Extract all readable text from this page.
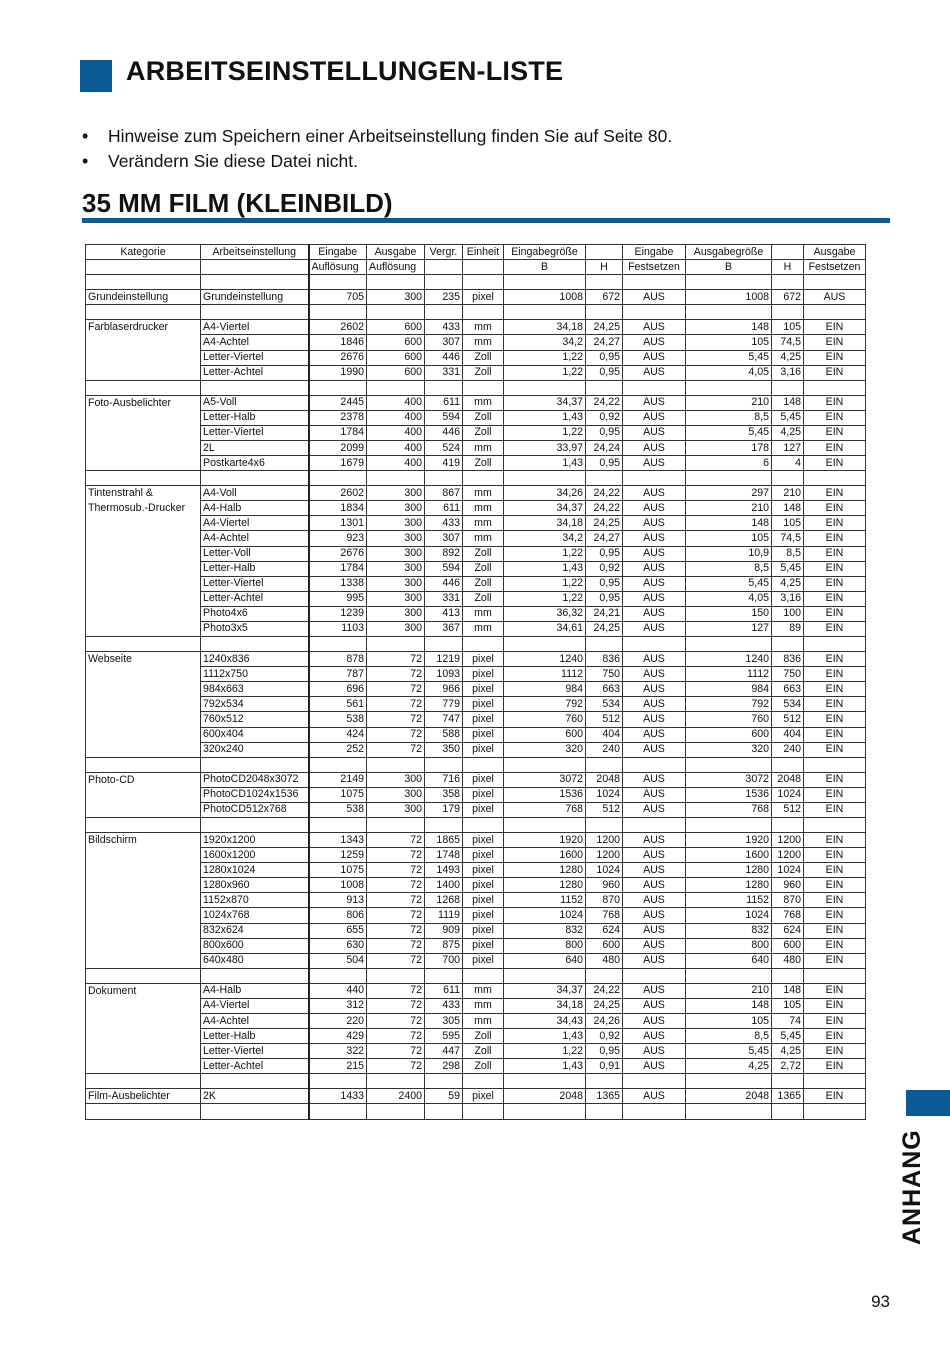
ARBEITSEINSTELLUNGEN-LISTE
• Hinweise zum Speichern einer Arbeitseinstellung finden Sie auf Seite 80.
• Verändern Sie diese Datei nicht.
35 MM FILM (KLEINBILD)
Kategorie	Arbeitseinstellung	Eingabe	Ausgabe	Vergr.	Einheit	Eingabegröße		Eingabe	Ausgabegröße		Ausgabe
		Auflösung	Auflösung			B	H	Festsetzen	B	H	Festsetzen

Grundeinstellung	Grundeinstellung	705	300	235	pixel	1008	672	AUS	1008	672	AUS

Farblaserdrucker	A4-Viertel	2602	600	433	mm	34,18	24,25	AUS	148	105	EIN
	A4-Achtel	1846	600	307	mm	34,2	24,27	AUS	105	74,5	EIN
	Letter-Viertel	2676	600	446	Zoll	1,22	0,95	AUS	5,45	4,25	EIN
	Letter-Achtel	1990	600	331	Zoll	1,22	0,95	AUS	4,05	3,16	EIN

Foto-Ausbelichter	A5-Voll	2445	400	611	mm	34,37	24,22	AUS	210	148	EIN
	Letter-Halb	2378	400	594	Zoll	1,43	0,92	AUS	8,5	5,45	EIN
	Letter-Viertel	1784	400	446	Zoll	1,22	0,95	AUS	5,45	4,25	EIN
	2L	2099	400	524	mm	33,97	24,24	AUS	178	127	EIN
	Postkarte4x6	1679	400	419	Zoll	1,43	0,95	AUS	6	4	EIN

Tintenstrahl &	A4-Voll	2602	300	867	mm	34,26	24,22	AUS	297	210	EIN
Thermosub.-Drucker	A4-Halb	1834	300	611	mm	34,37	24,22	AUS	210	148	EIN
	A4-Viertel	1301	300	433	mm	34,18	24,25	AUS	148	105	EIN
	A4-Achtel	923	300	307	mm	34,2	24,27	AUS	105	74,5	EIN
	Letter-Voll	2676	300	892	Zoll	1,22	0,95	AUS	10,9	8,5	EIN
	Letter-Halb	1784	300	594	Zoll	1,43	0,92	AUS	8,5	5,45	EIN
	Letter-Viertel	1338	300	446	Zoll	1,22	0,95	AUS	5,45	4,25	EIN
	Letter-Achtel	995	300	331	Zoll	1,22	0,95	AUS	4,05	3,16	EIN
	Photo4x6	1239	300	413	mm	36,32	24,21	AUS	150	100	EIN
	Photo3x5	1103	300	367	mm	34,61	24,25	AUS	127	89	EIN

Webseite	1240x836	878	72	1219	pixel	1240	836	AUS	1240	836	EIN
	1112x750	787	72	1093	pixel	1112	750	AUS	1112	750	EIN
	984x663	696	72	966	pixel	984	663	AUS	984	663	EIN
	792x534	561	72	779	pixel	792	534	AUS	792	534	EIN
	760x512	538	72	747	pixel	760	512	AUS	760	512	EIN
	600x404	424	72	588	pixel	600	404	AUS	600	404	EIN
	320x240	252	72	350	pixel	320	240	AUS	320	240	EIN

Photo-CD	PhotoCD2048x3072	2149	300	716	pixel	3072	2048	AUS	3072	2048	EIN
	PhotoCD1024x1536	1075	300	358	pixel	1536	1024	AUS	1536	1024	EIN
	PhotoCD512x768	538	300	179	pixel	768	512	AUS	768	512	EIN

Bildschirm	1920x1200	1343	72	1865	pixel	1920	1200	AUS	1920	1200	EIN
	1600x1200	1259	72	1748	pixel	1600	1200	AUS	1600	1200	EIN
	1280x1024	1075	72	1493	pixel	1280	1024	AUS	1280	1024	EIN
	1280x960	1008	72	1400	pixel	1280	960	AUS	1280	960	EIN
	1152x870	913	72	1268	pixel	1152	870	AUS	1152	870	EIN
	1024x768	806	72	1119	pixel	1024	768	AUS	1024	768	EIN
	832x624	655	72	909	pixel	832	624	AUS	832	624	EIN
	800x600	630	72	875	pixel	800	600	AUS	800	600	EIN
	640x480	504	72	700	pixel	640	480	AUS	640	480	EIN

Dokument	A4-Halb	440	72	611	mm	34,37	24,22	AUS	210	148	EIN
	A4-Viertel	312	72	433	mm	34,18	24,25	AUS	148	105	EIN
	A4-Achtel	220	72	305	mm	34,43	24,26	AUS	105	74	EIN
	Letter-Halb	429	72	595	Zoll	1,43	0,92	AUS	8,5	5,45	EIN
	Letter-Viertel	322	72	447	Zoll	1,22	0,95	AUS	5,45	4,25	EIN
	Letter-Achtel	215	72	298	Zoll	1,43	0,91	AUS	4,25	2,72	EIN

Film-Ausbelichter	2K	1433	2400	59	pixel	2048	1365	AUS	2048	1365	EIN

ANHANG
93
